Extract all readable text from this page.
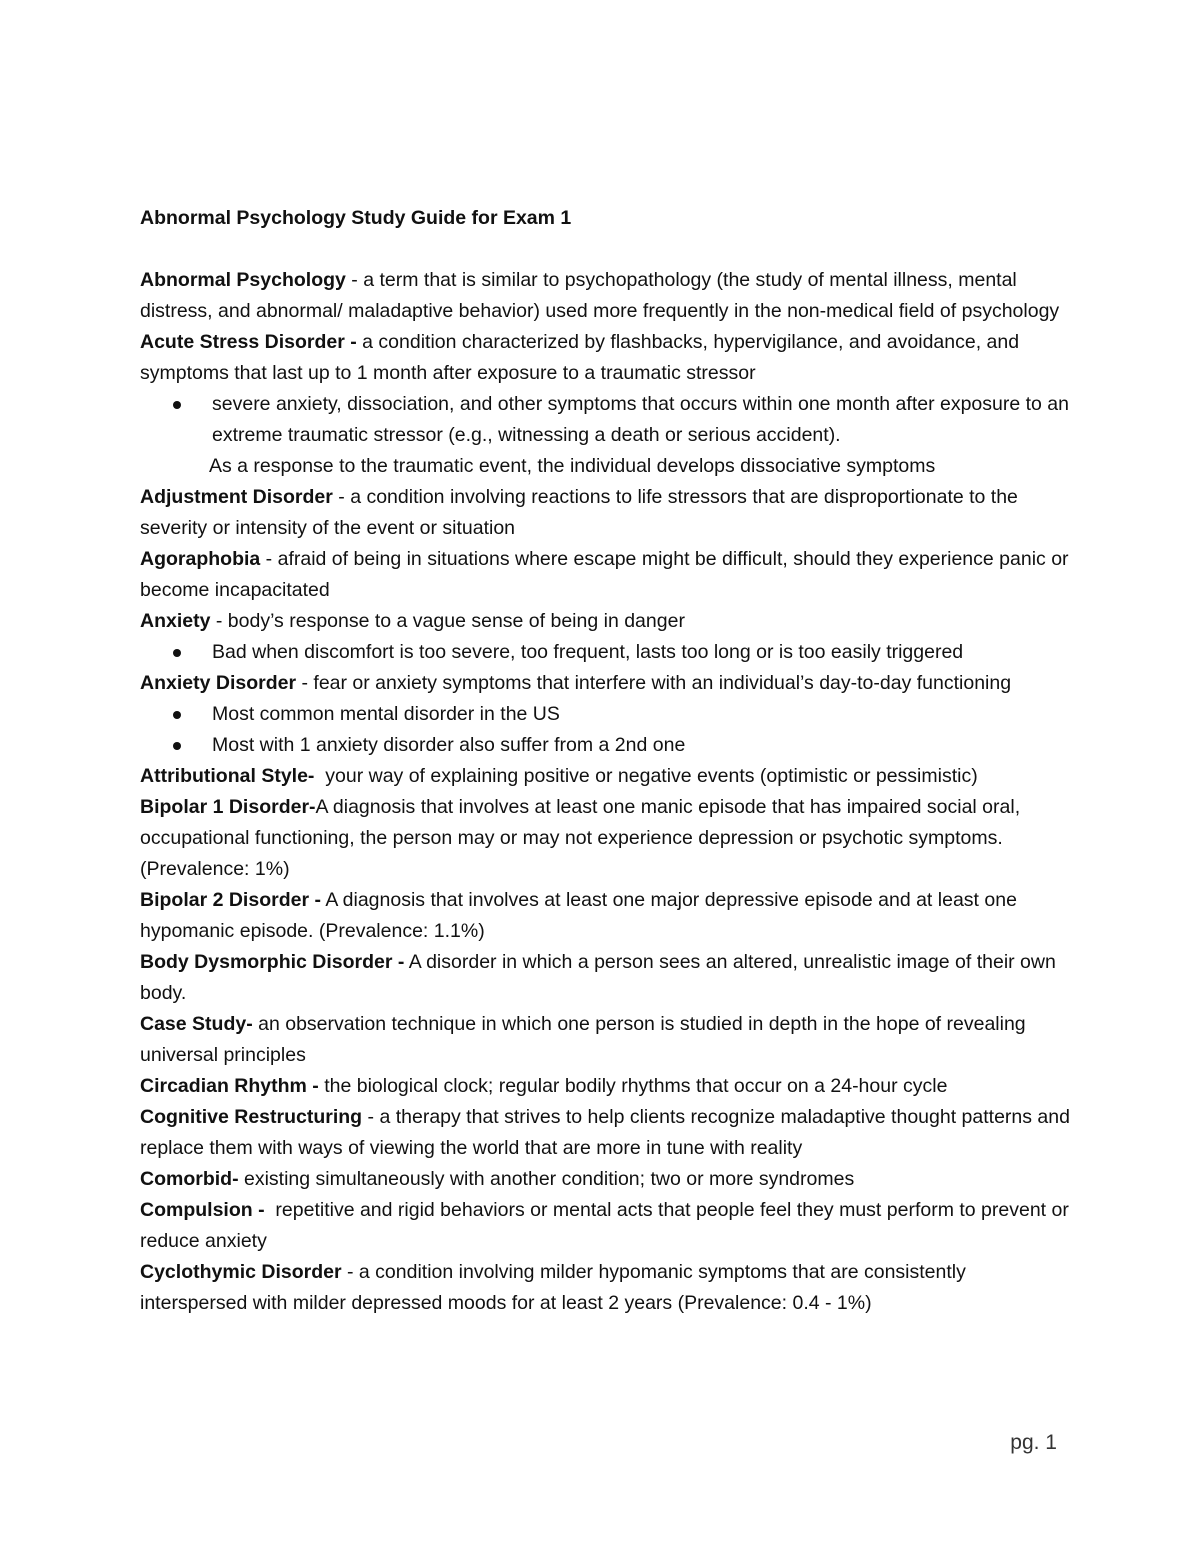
Abnormal Psychology Study Guide for Exam 1
Abnormal Psychology - a term that is similar to psychopathology (the study of mental illness, mental distress, and abnormal/ maladaptive behavior) used more frequently in the non-medical field of psychology
Acute Stress Disorder - a condition characterized by flashbacks, hypervigilance, and avoidance, and symptoms that last up to 1 month after exposure to a traumatic stressor
severe anxiety, dissociation, and other symptoms that occurs within one month after exposure to an extreme traumatic stressor (e.g., witnessing a death or serious accident).
As a response to the traumatic event, the individual develops dissociative symptoms
Adjustment Disorder - a condition involving reactions to life stressors that are disproportionate to the severity or intensity of the event or situation
Agoraphobia - afraid of being in situations where escape might be difficult, should they experience panic or become incapacitated
Anxiety - body’s response to a vague sense of being in danger
Bad when discomfort is too severe, too frequent, lasts too long or is too easily triggered
Anxiety Disorder - fear or anxiety symptoms that interfere with an individual’s day-to-day functioning
Most common mental disorder in the US
Most with 1 anxiety disorder also suffer from a 2nd one
Attributional Style- your way of explaining positive or negative events (optimistic or pessimistic)
Bipolar 1 Disorder-A diagnosis that involves at least one manic episode that has impaired social oral, occupational functioning, the person may or may not experience depression or psychotic symptoms. (Prevalence: 1%)
Bipolar 2 Disorder - A diagnosis that involves at least one major depressive episode and at least one hypomanic episode. (Prevalence: 1.1%)
Body Dysmorphic Disorder - A disorder in which a person sees an altered, unrealistic image of their own body.
Case Study- an observation technique in which one person is studied in depth in the hope of revealing universal principles
Circadian Rhythm - the biological clock; regular bodily rhythms that occur on a 24-hour cycle
Cognitive Restructuring - a therapy that strives to help clients recognize maladaptive thought patterns and replace them with ways of viewing the world that are more in tune with reality
Comorbid- existing simultaneously with another condition; two or more syndromes
Compulsion - repetitive and rigid behaviors or mental acts that people feel they must perform to prevent or reduce anxiety
Cyclothymic Disorder - a condition involving milder hypomanic symptoms that are consistently interspersed with milder depressed moods for at least 2 years (Prevalence: 0.4 - 1%)
pg. 1
